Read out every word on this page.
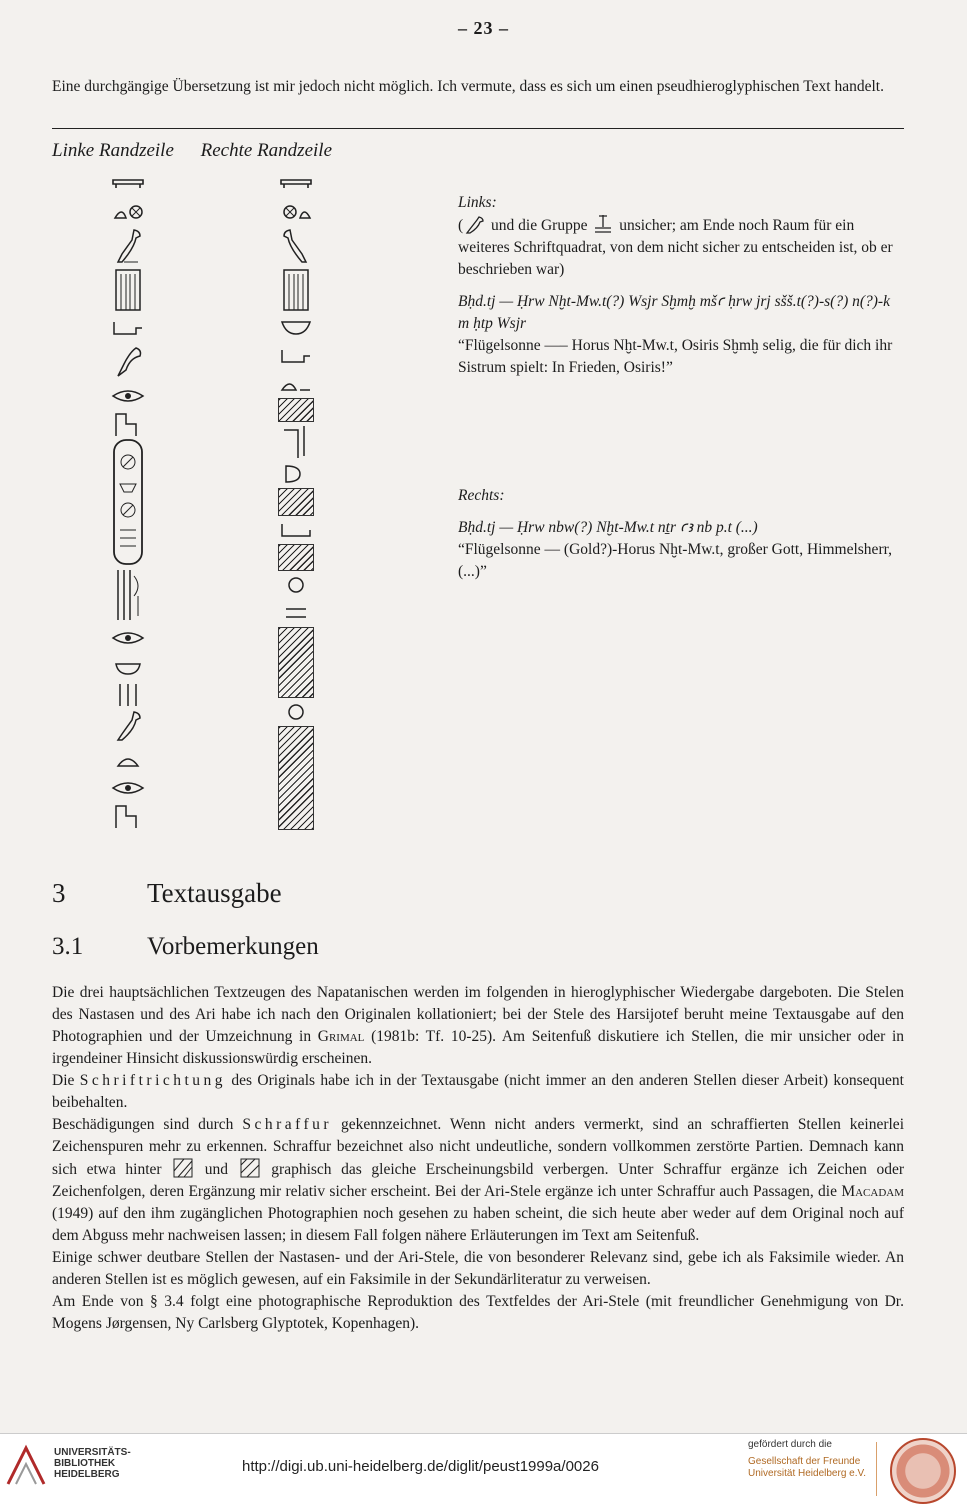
– 23 –
Eine durchgängige Übersetzung ist mir jedoch nicht möglich. Ich vermute, dass es sich um einen pseudhieroglyphischen Text handelt.
Linke Randzeile Rechte Randzeile

Links:
( und die Gruppe  unsicher; am Ende noch Raum für ein weiteres Schriftquadrat, von dem nicht sicher zu entscheiden ist, ob er beschrieben war)

Bḥd.tj — Ḥrw Nḫt-Mw.t(?) Wsjr Sḫmḫ mšꜥ ḥrw jrj sšš.t(?)-s(?) n(?)-k m ḥtp Wsjr
“Flügelsonne —– Horus Nḫt-Mw.t, Osiris Sḫmḫ selig, die für dich ihr Sistrum spielt: In Frieden, Osiris!”

Rechts:

Bḥd.tj — Ḥrw nbw(?) Nḫt-Mw.t nṯr ꜥꜣ nb p.t (...)
“Flügelsonne — (Gold?)-Horus Nḫt-Mw.t, großer Gott, Himmelsherr, (...)”

3	Textausgabe
3.1	Vorbemerkungen

Die drei hauptsächlichen Textzeugen des Napatanischen werden im folgenden in hieroglyphischer Wiedergabe dargeboten. Die Stelen des Nastasen und des Ari habe ich nach den Originalen kollationiert; bei der Stele des Harsijotef beruht meine Textausgabe auf den Photographien und der Umzeichnung in Grimal (1981b: Tf. 10-25). Am Seitenfuß diskutiere ich Stellen, die mir unsicher oder in irgendeiner Hinsicht diskussionswürdig erscheinen.

Die Schriftrichtung des Originals habe ich in der Textausgabe (nicht immer an den anderen Stellen dieser Arbeit) konsequent beibehalten.

Beschädigungen sind durch Schraffur gekennzeichnet. Wenn nicht anders vermerkt, sind an schraffierten Stellen keinerlei Zeichenspuren mehr zu erkennen. Schraffur bezeichnet also nicht undeutliche, sondern vollkommen zerstörte Partien. Demnach kann sich etwa hinter  und  graphisch das gleiche Erscheinungsbild verbergen. Unter Schraffur ergänze ich Zeichen oder Zeichenfolgen, deren Ergänzung mir relativ sicher erscheint. Bei der Ari-Stele ergänze ich unter Schraffur auch Passagen, die Macadam (1949) auf den ihm zugänglichen Photographien noch gesehen zu haben scheint, die sich heute aber weder auf dem Original noch auf dem Abguss mehr nachweisen lassen; in diesem Fall folgen nähere Erläuterungen im Text am Seitenfuß.

Einige schwer deutbare Stellen der Nastasen- und der Ari-Stele, die von besonderer Relevanz sind, gebe ich als Faksimile wieder. An anderen Stellen ist es möglich gewesen, auf ein Faksimile in der Sekundärliteratur zu verweisen.

Am Ende von § 3.4 folgt eine photographische Reproduktion des Textfeldes der Ari-Stele (mit freundlicher Genehmigung von Dr. Mogens Jørgensen, Ny Carlsberg Glyptotek, Kopenhagen).

UNIVERSITÄTS-
BIBLIOTHEK
HEIDELBERG	http://digi.ub.uni-heidelberg.de/diglit/peust1999a/0026
gefördert durch die
Gesellschaft der Freunde
Universität Heidelberg e.V.
